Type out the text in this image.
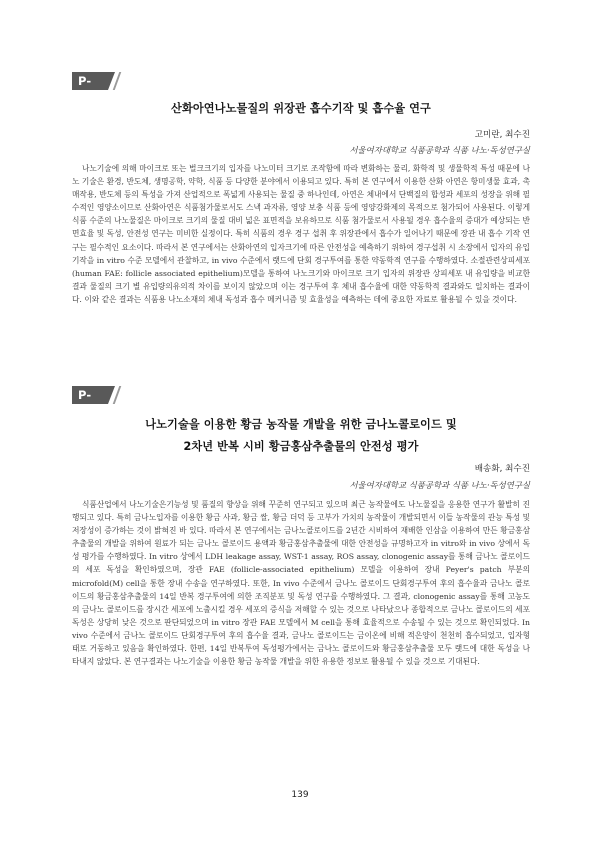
P-13
산화아연나노물질의 위장관 흡수기작 및 흡수율 연구
고미란, 최수진
서울여자대학교 식품공학과 식품 나노·독성연구실

나노기술에 의해 마이크로 또는 벌크크기의 입자를 나노미터 크기로 조작함에 따라 변화하는 물리, 화학적 및 생물학적 특성 때문에 나노 기술은 환경, 반도체, 생명공학, 약학, 식품 등 다양한 분야에서 이용되고 있다. 특히 본 연구에서 이용한 산화 아연은 항미생물 효과, 촉매작용, 반도체 등의 특성을 가져 산업적으로 폭넓게 사용되는 물질 중 하나인데, 아연은 체내에서 단백질의 합성과 세포의 성장을 위해 필수적인 영양소이므로 산화아연은 식품첨가물로서도 스낵 과자류, 영양 보충 식품 등에 영양강화제의 목적으로 첨가되어 사용된다. 이렇게 식품 수준의 나노물질은 마이크로 크기의 물질 대비 넓은 표면적을 보유하므로 식품 첨가물로서 사용될 경우 흡수율의 증대가 예상되는 반면효율 및 독성, 안전성 연구는 미비한 실정이다. 특히 식품의 경우 경구 섭취 후 위장관에서 흡수가 일어나기 때문에 장관 내 흡수 기작 연구는 필수적인 요소이다. 따라서 본 연구에서는 산화아연의 입자크기에 따른 안전성을 예측하기 위하여 경구섭취 시 소장에서 입자의 유입 기작을 in vitro 수준 모델에서 관찰하고, in vivo 수준에서 랫드에 단회 경구투여를 통한 약동학적 연구를 수행하였다. 소절관련상피세포(human FAE: follicle associated epithelium)모델을 통하여 나노크기와 마이크로 크기 입자의 위장관 상피세포 내 유입량을 비교한 결과 물질의 크기 별 유입량의유의적 차이를 보이지 않았으며 이는 경구투여 후 체내 흡수율에 대한 약동학적 결과와도 일치하는 결과이다. 이와 같은 결과는 식품용 나노소재의 체내 독성과 흡수 메커니즘 및 효율성을 예측하는 데에 중요한 자료로 활용될 수 있을 것이다.

P-14
나노기술을 이용한 황금 농작물 개발을 위한 금나노콜로이드 및
2차년 반복 시비 황금홍삼추출물의 안전성 평가
배송화, 최수진
서울여자대학교 식품공학과 식품 나노·독성연구실

식품산업에서 나노기술은기능성 및 품질의 향상을 위해 꾸준히 연구되고 있으며 최근 농작물에도 나노물질을 응용한 연구가 활발히 진행되고 있다. 특히 금나노입자를 이용한 황금 사과, 황금 쌀, 황금 더덕 등 고부가 가치의 농작물이 개발되면서 이들 농작물의 관능 특성 및 저장성이 증가하는 것이 밝혀진 바 있다. 따라서 본 연구에서는 금나노콜로이드를 2년간 시비하여 재배한 인삼을 이용하여 만든 황금홍삼추출물의 개발을 위하여 원료가 되는 금나노 콜로이드 용액과 황금홍삼추출물에 대한 안전성을 규명하고자 in vitro와 in vivo 상에서 독성 평가를 수행하였다. In vitro 상에서 LDH leakage assay, WST-1 assay, ROS assay, clonogenic assay를 통해 금나노 콜로이드의 세포 독성을 확인하였으며, 장관 FAE (follicle-associated epithelium) 모델을 이용하여 장내 Peyer's patch 부분의 microfold(M) cell을 통한 장내 수송을 연구하였다. 또한, In vivo 수준에서 금나노 콜로이드 단회경구투여 후의 흡수율과 금나노 콜로이드의 황금홍삼추출물의 14일 반복 경구투여에 의한 조직분포 및 독성 연구를 수행하였다. 그 결과, clonogenic assay를 통해 고농도의 금나노 콜로이드를 장시간 세포에 노출시킬 경우 세포의 증식을 저해할 수 있는 것으로 나타났으나 종합적으로 금나노 콜로이드의 세포독성은 상당히 낮은 것으로 판단되었으며 in vitro 장관 FAE 모델에서 M cell을 통해 효율적으로 수송될 수 있는 것으로 확인되었다. In vivo 수준에서 금나노 콜로이드 단회경구투여 후의 흡수율 결과, 금나노 콜로이드는 금이온에 비해 적은양이 천천히 흡수되었고, 입자형태로 거동하고 있음을 확인하였다. 한편, 14일 반복투여 독성평가에서는 금나노 콜로이드와 황금홍삼추출물 모두 랫드에 대한 독성을 나타내지 않았다. 본 연구결과는 나노기술을 이용한 황금 농작물 개발을 위한 유용한 정보로 활용될 수 있을 것으로 기대된다.

139
